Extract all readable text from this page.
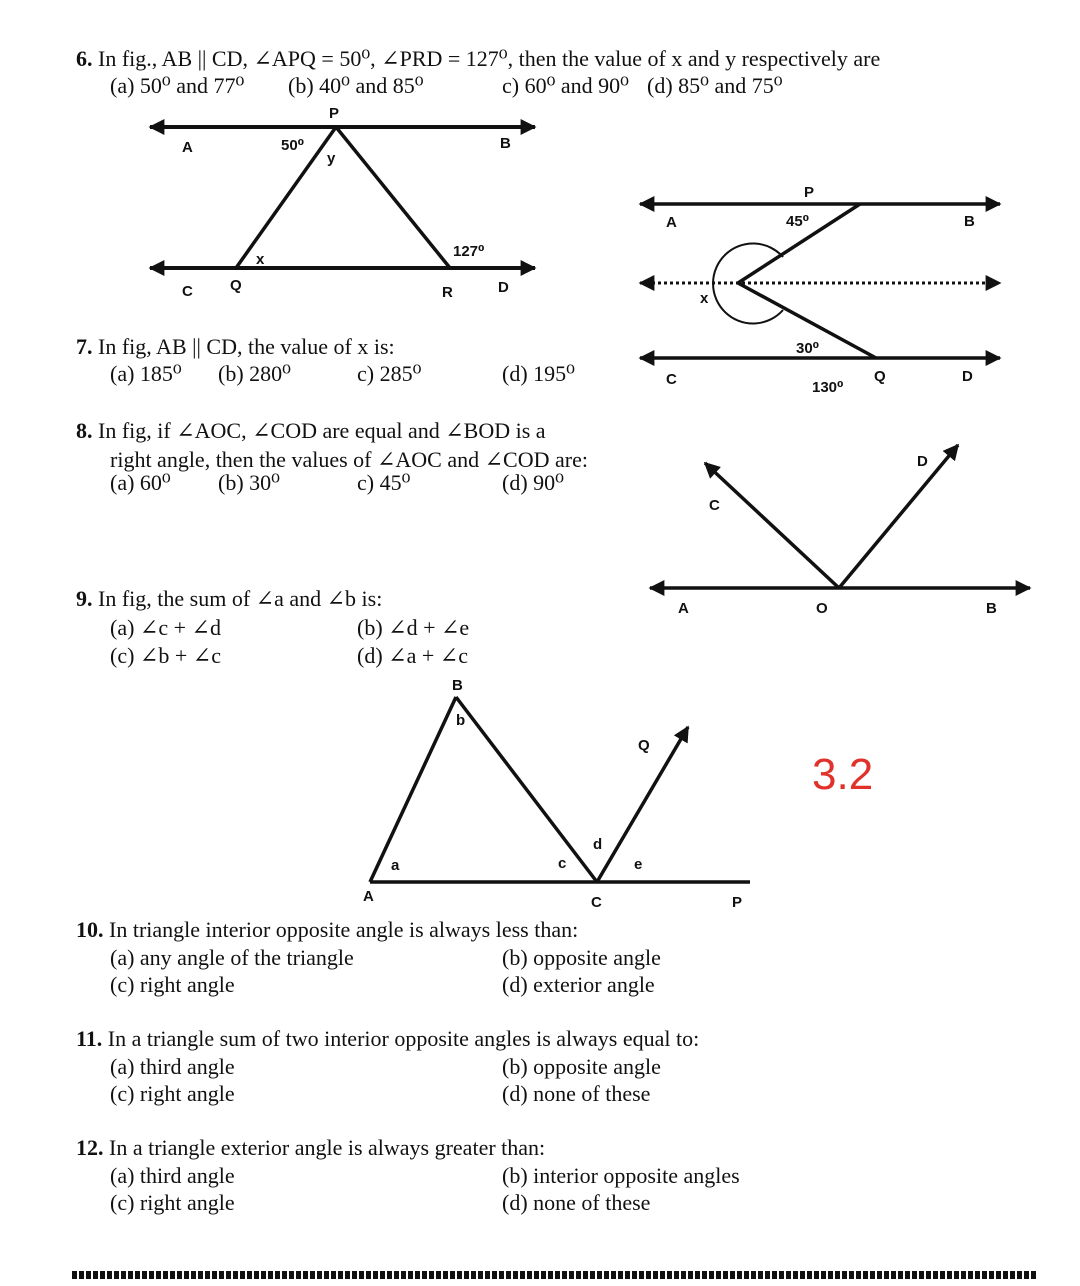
6. In fig., AB || CD, ∠APQ = 50⁰, ∠PRD = 127⁰, then the value of x and y respectively are
(a) 50⁰ and 77⁰ (b) 40⁰ and 85⁰	c) 60⁰ and 90⁰ (d) 85⁰ and 75⁰
P
A	B
50⁰
y
x	127⁰
C Q	R	D
P
A	45⁰	B
x
30⁰
C	130⁰
Q	D
7. In fig, AB || CD, the value of x is:
(a) 185⁰ (b) 280⁰	c) 285⁰	(d) 195⁰
8. In fig, if ∠AOC, ∠COD are equal and ∠BOD is a
right angle, then the values of ∠AOC and ∠COD are:
(a) 60⁰ (b) 30⁰	c) 45⁰	(d) 90⁰
C
D
A	O	B
9. In fig, the sum of ∠a and ∠b is:
(a) ∠c + ∠d	(b) ∠d + ∠e
(c) ∠b + ∠c	(d) ∠a + ∠c
B
b
Q
d
a	c	e
A	C	P
3.2
10. In triangle interior opposite angle is always less than:
(a) any angle of the triangle	(b) opposite angle
(c) right angle	(d) exterior angle
11. In a triangle sum of two interior opposite angles is always equal to:
(a) third angle	(b) opposite angle
(c) right angle	(d) none of these
12. In a triangle exterior angle is always greater than:
(a) third angle	(b) interior opposite angles
(c) right angle	(d) none of these
